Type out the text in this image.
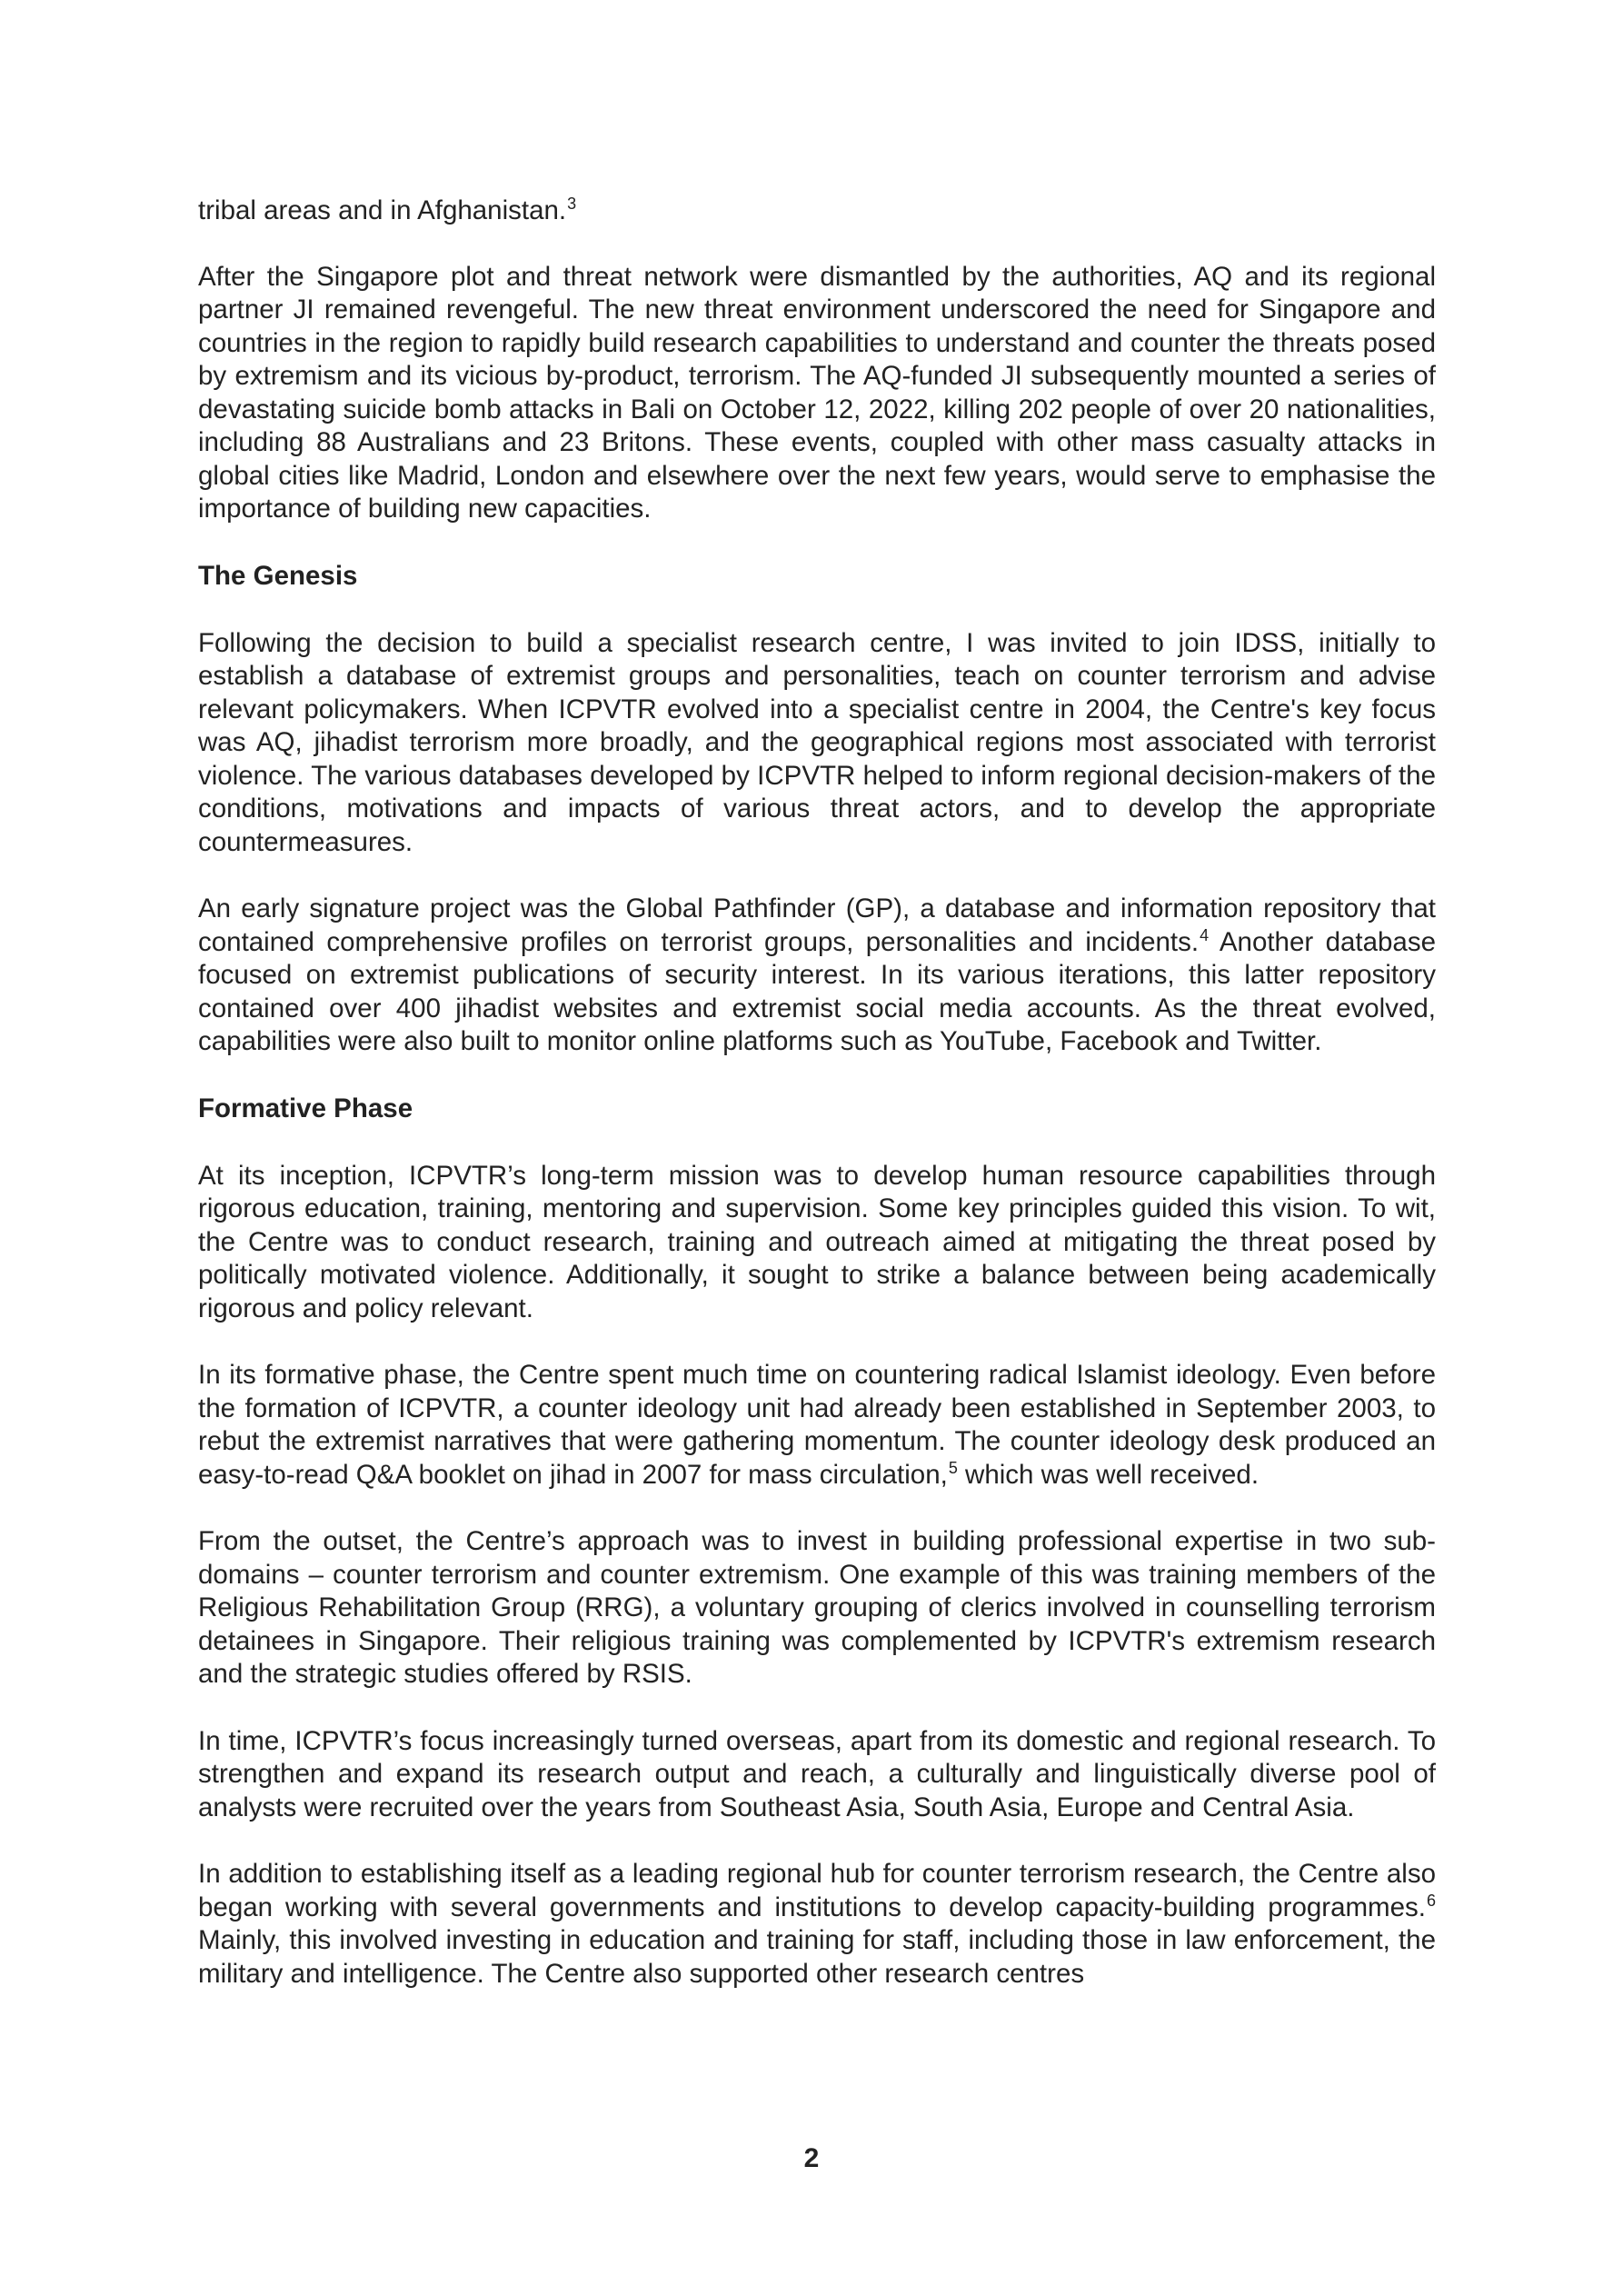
tribal areas and in Afghanistan.$^3$

After the Singapore plot and threat network were dismantled by the authorities, AQ and its regional partner JI remained revengeful. The new threat environment underscored the need for Singapore and countries in the region to rapidly build research capabilities to understand and counter the threats posed by extremism and its vicious by-product, terrorism. The AQ-funded JI subsequently mounted a series of devastating suicide bomb attacks in Bali on October 12, 2022, killing 202 people of over 20 nationalities, including 88 Australians and 23 Britons. These events, coupled with other mass casualty attacks in global cities like Madrid, London and elsewhere over the next few years, would serve to emphasise the importance of building new capacities.

The Genesis

Following the decision to build a specialist research centre, I was invited to join IDSS, initially to establish a database of extremist groups and personalities, teach on counter terrorism and advise relevant policymakers. When ICPVTR evolved into a specialist centre in 2004, the Centre's key focus was AQ, jihadist terrorism more broadly, and the geographical regions most associated with terrorist violence. The various databases developed by ICPVTR helped to inform regional decision-makers of the conditions, motivations and impacts of various threat actors, and to develop the appropriate countermeasures.

An early signature project was the Global Pathfinder (GP), a database and information repository that contained comprehensive profiles on terrorist groups, personalities and incidents.$^4$ Another database focused on extremist publications of security interest. In its various iterations, this latter repository contained over 400 jihadist websites and extremist social media accounts. As the threat evolved, capabilities were also built to monitor online platforms such as YouTube, Facebook and Twitter.

Formative Phase

At its inception, ICPVTR’s long-term mission was to develop human resource capabilities through rigorous education, training, mentoring and supervision. Some key principles guided this vision. To wit, the Centre was to conduct research, training and outreach aimed at mitigating the threat posed by politically motivated violence. Additionally, it sought to strike a balance between being academically rigorous and policy relevant.

In its formative phase, the Centre spent much time on countering radical Islamist ideology. Even before the formation of ICPVTR, a counter ideology unit had already been established in September 2003, to rebut the extremist narratives that were gathering momentum. The counter ideology desk produced an easy-to-read Q&A booklet on jihad in 2007 for mass circulation,$^5$ which was well received.

From the outset, the Centre’s approach was to invest in building professional expertise in two sub-domains – counter terrorism and counter extremism. One example of this was training members of the Religious Rehabilitation Group (RRG), a voluntary grouping of clerics involved in counselling terrorism detainees in Singapore. Their religious training was complemented by ICPVTR's extremism research and the strategic studies offered by RSIS.

In time, ICPVTR’s focus increasingly turned overseas, apart from its domestic and regional research. To strengthen and expand its research output and reach, a culturally and linguistically diverse pool of analysts were recruited over the years from Southeast Asia, South Asia, Europe and Central Asia.

In addition to establishing itself as a leading regional hub for counter terrorism research, the Centre also began working with several governments and institutions to develop capacity-building programmes.$^6$ Mainly, this involved investing in education and training for staff, including those in law enforcement, the military and intelligence. The Centre also supported other research centres

2
